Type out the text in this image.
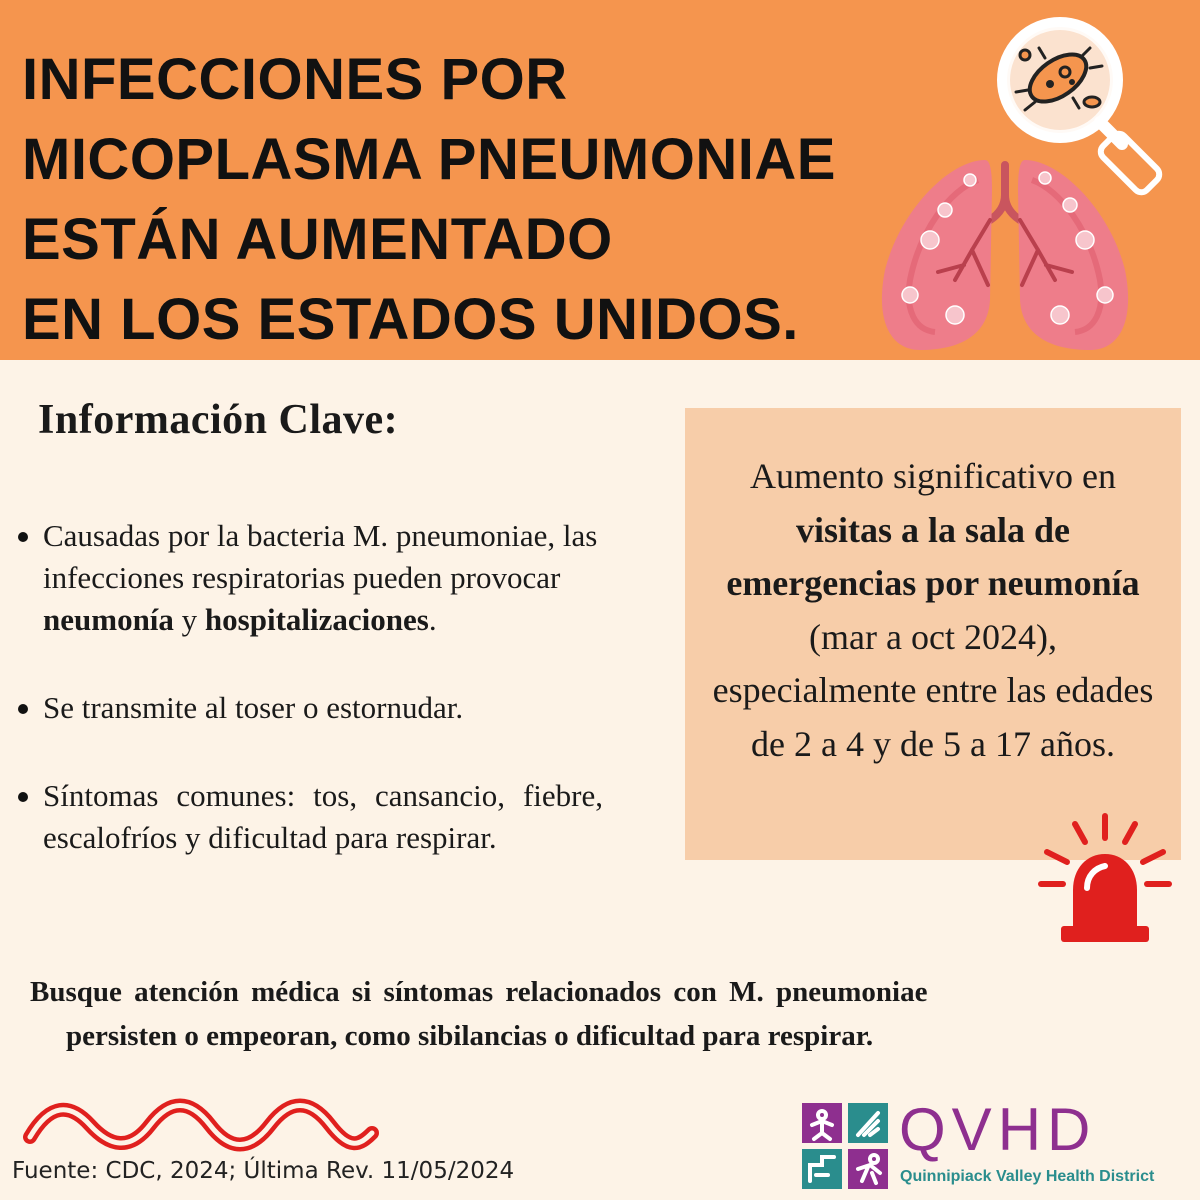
INFECCIONES POR
MICOPLASMA PNEUMONIAE
ESTÁN AUMENTADO
EN LOS ESTADOS UNIDOS.
Información Clave:

Causadas por la bacteria M. pneumoniae, las infecciones respiratorias pueden provocar neumonía y hospitalizaciones.

Se transmite al toser o estornudar.

Síntomas comunes: tos, cansancio, fiebre, escalofríos y dificultad para respirar.

Aumento significativo en visitas a la sala de emergencias por neumonía (mar a oct 2024), especialmente entre las edades de 2 a 4 y de 5 a 17 años.

Busque atención médica si síntomas relacionados con M. pneumoniae
persisten o empeoran, como sibilancias o dificultad para respirar.
Fuente: CDC, 2024; Última Rev. 11/05/2024
QVHD
Quinnipiack Valley Health District
